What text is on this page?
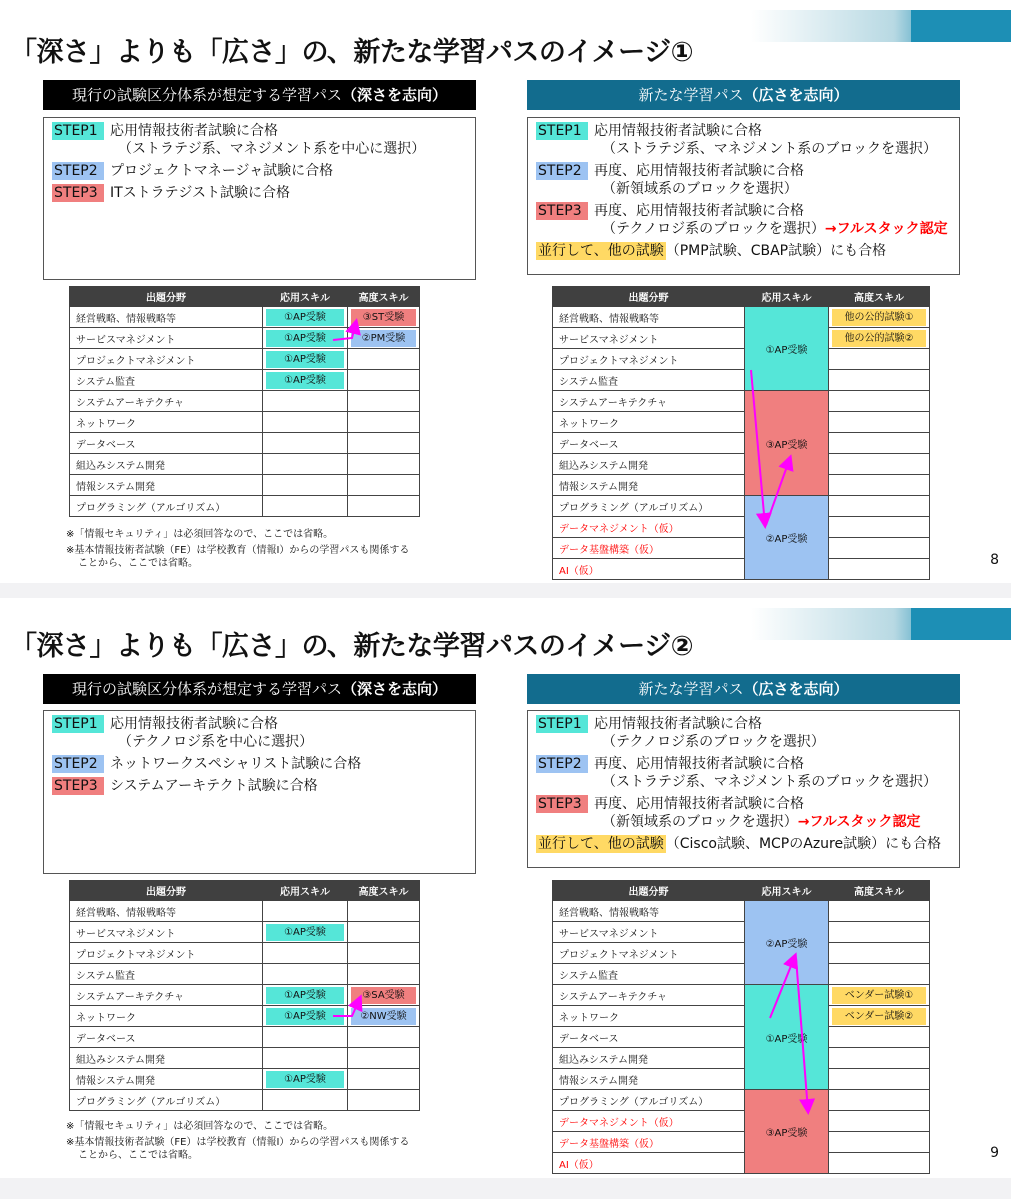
「深さ」よりも「広さ」の、新たな学習パスのイメージ①
現行の試験区分体系が想定する学習パス（深さを志向）	新たな学習パス（広さを志向）
STEP1 応用情報技術者試験に合格
（ストラテジ系、マネジメント系を中心に選択）
STEP2 プロジェクトマネージャ試験に合格
STEP3 ITストラテジスト試験に合格
STEP1 応用情報技術者試験に合格
（ストラテジ系、マネジメント系のブロックを選択）
STEP2 再度、応用情報技術者試験に合格
（新領域系のブロックを選択）
STEP3 再度、応用情報技術者試験に合格
（テクノロジ系のブロックを選択）→フルスタック認定
並行して、他の試験 （PMP試験、CBAP試験）にも合格
出題分野	応用スキル	高度スキル
経営戦略、情報戦略等	①AP受験	③ST受験

サービスマネジメント	①AP受験	②PM受験

プロジェクトマネジメント	①AP受験	

システム監査	①AP受験	

システムアーキテクチャ		
ネットワーク		
データベース		
組込みシステム開発		
情報システム開発		
プログラミング（アルゴリズム）		
※「情報セキュリティ」は必須回答なので、ここでは省略。
※基本情報技術者試験（FE）は学校教育（情報Ⅰ）からの学習パスも関係する
ことから、ここでは省略。
出題分野	応用スキル	高度スキル
経営戦略、情報戦略等	①AP受験	他の公的試験①

サービスマネジメント		他の公的試験②

プロジェクトマネジメント		
システム監査		
システムアーキテクチャ	③AP受験	
ネットワーク		
データベース		
組込みシステム開発		
情報システム開発		
プログラミング（アルゴリズム）	②AP受験	
データマネジメント（仮）		
データ基盤構築（仮）		
AI（仮）		
8
「深さ」よりも「広さ」の、新たな学習パスのイメージ②
現行の試験区分体系が想定する学習パス（深さを志向）	新たな学習パス（広さを志向）
STEP1 応用情報技術者試験に合格
（テクノロジ系を中心に選択）
STEP2 ネットワークスペシャリスト試験に合格
STEP3 システムアーキテクト試験に合格
STEP1 応用情報技術者試験に合格
（テクノロジ系のブロックを選択）
STEP2 再度、応用情報技術者試験に合格
（ストラテジ系、マネジメント系のブロックを選択）
STEP3 再度、応用情報技術者試験に合格
（新領域系のブロックを選択）→フルスタック認定
並行して、他の試験 （Cisco試験、MCPのAzure試験）にも合格
出題分野	応用スキル	高度スキル
経営戦略、情報戦略等		
サービスマネジメント	①AP受験	

プロジェクトマネジメント		
システム監査		
システムアーキテクチャ	①AP受験	③SA受験

ネットワーク	①AP受験	②NW受験

データベース		
組込みシステム開発		
情報システム開発	①AP受験	

プログラミング（アルゴリズム）		
※「情報セキュリティ」は必須回答なので、ここでは省略。
※基本情報技術者試験（FE）は学校教育（情報Ⅰ）からの学習パスも関係する
ことから、ここでは省略。
出題分野	応用スキル	高度スキル
経営戦略、情報戦略等	②AP受験	
サービスマネジメント		
プロジェクトマネジメント		
システム監査		
システムアーキテクチャ	①AP受験	ベンダー試験①

ネットワーク		ベンダー試験②

データベース		
組込みシステム開発		
情報システム開発		
プログラミング（アルゴリズム）	③AP受験	
データマネジメント（仮）		
データ基盤構築（仮）		
AI（仮）		
9
